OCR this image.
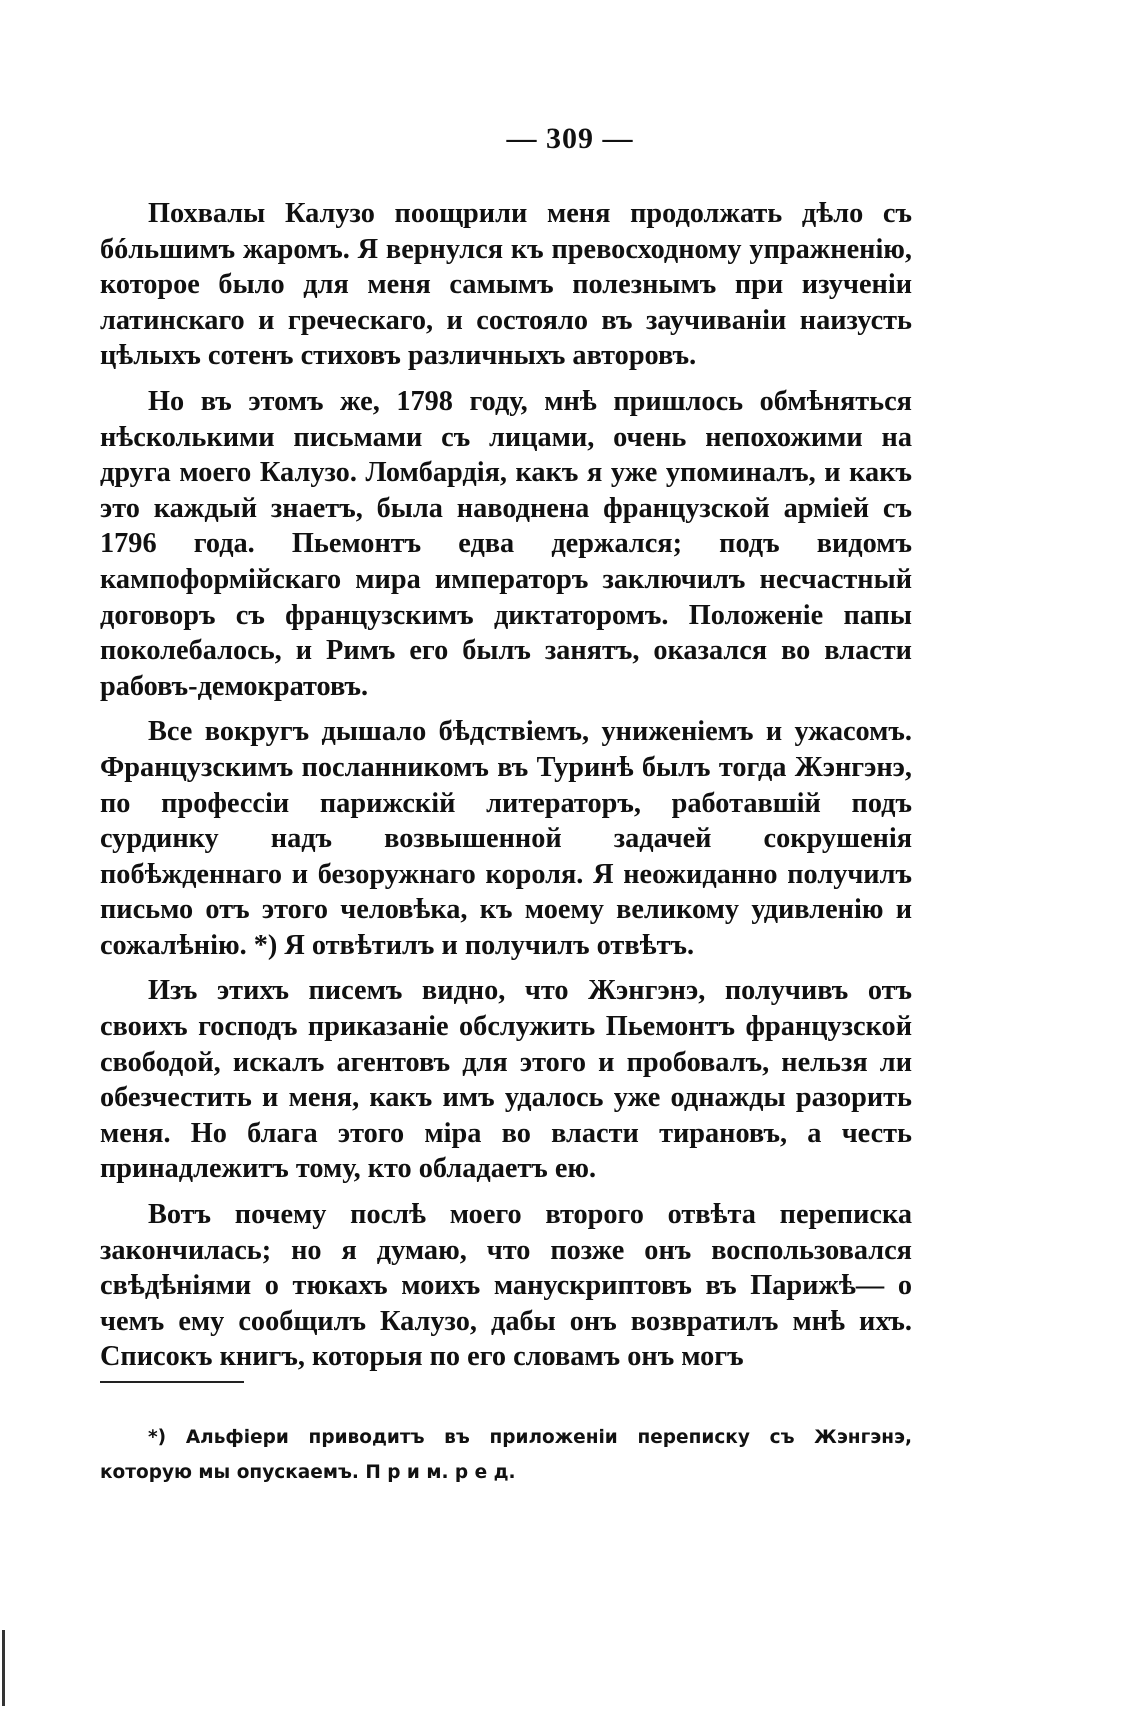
— 309 —

Похвалы Калузо поощрили меня продолжать дѣло съ бóльшимъ жаромъ. Я вернулся къ превосходному упражненію, которое было для меня самымъ полезнымъ при изученіи латинскаго и греческаго, и состояло въ заучиваніи наизусть цѣлыхъ сотенъ стиховъ различныхъ авторовъ.

Но въ этомъ же, 1798 году, мнѣ пришлось обмѣняться нѣсколькими письмами съ лицами, очень непохожими на друга моего Калузо. Ломбардія, какъ я уже упоминалъ, и какъ это каждый знаетъ, была наводнена французской арміей съ 1796 года. Пьемонтъ едва держался; подъ видомъ кампоформійскаго мира императоръ заключилъ несчастный договоръ съ французскимъ диктаторомъ. Положеніе папы поколебалось, и Римъ его былъ занятъ, оказался во власти рабовъ-демократовъ.

Все вокругъ дышало бѣдствіемъ, униженіемъ и ужасомъ. Французскимъ посланникомъ въ Туринѣ былъ тогда Жэнгэнэ, по профессіи парижскій литераторъ, работавшій подъ сурдинку надъ возвышенной задачей сокрушенія побѣжденнаго и безоружнаго короля. Я неожиданно получилъ письмо отъ этого человѣка, къ моему великому удивленію и сожалѣнію. *) Я отвѣтилъ и получилъ отвѣтъ.

Изъ этихъ писемъ видно, что Жэнгэнэ, получивъ отъ своихъ господъ приказаніе обслужить Пьемонтъ французской свободой, искалъ агентовъ для этого и пробовалъ, нельзя ли обезчестить и меня, какъ имъ удалось уже однажды разорить меня. Но блага этого міра во власти тирановъ, а честь принадлежитъ тому, кто обладаетъ ею.

Вотъ почему послѣ моего второго отвѣта переписка закончилась; но я думаю, что позже онъ воспользовался свѣдѣніями о тюкахъ моихъ манускриптовъ въ Парижѣ— о чемъ ему сообщилъ Калузо, дабы онъ возвратилъ мнѣ ихъ. Списокъ книгъ, которыя по его словамъ онъ могъ

*) Альфіери приводитъ въ приложеніи переписку съ Жэнгэнэ, которую мы опускаемъ. П р и м. р е д.
